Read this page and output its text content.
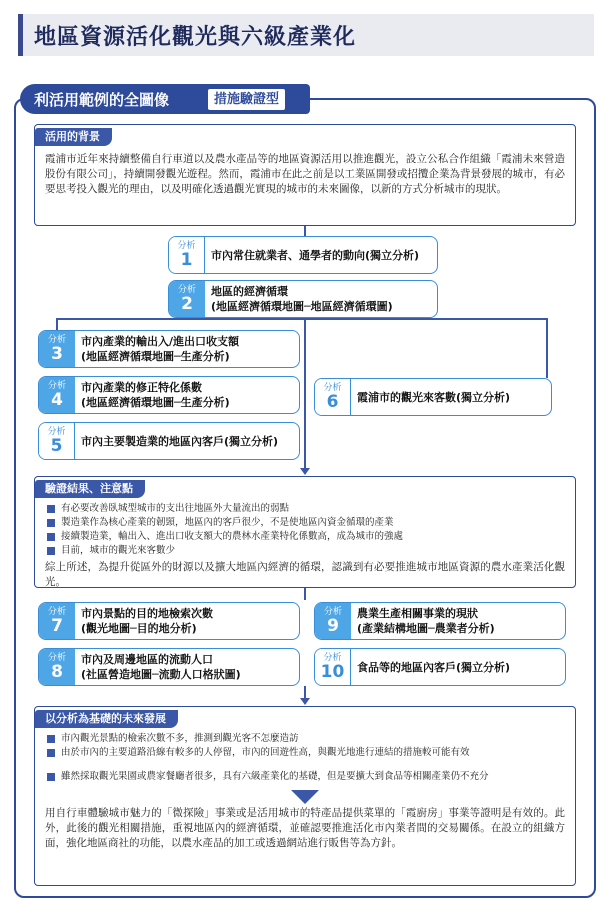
地區資源活化觀光與六級產業化
利活用範例的全圖像	措施驗證型
活用的背景
霞浦市近年來持續整備自行車道以及農水產品等的地區資源活用以推進觀光，設立公私合作組織「霞浦未來營造股份有限公司」，持續開發觀光遊程。然而，霞浦市在此之前是以工業區開發或招攬企業為背景發展的城市，有必要思考投入觀光的理由，以及明確化透過觀光實現的城市的未來圖像，以新的方式分析城市的現狀。
分析
1	市內常住就業者、通學者的動向(獨立分析)
分析
2
地區的經濟循環
(地區經濟循環地圖─地區經濟循環圖)
分析
3
市內產業的輸出入/進出口收支額
(地區經濟循環地圖─生產分析)
分析
4
市內產業的修正特化係數
(地區經濟循環地圖─生產分析)
分析
5	市內主要製造業的地區內客戶(獨立分析)
分析
6	霞浦市的觀光來客數(獨立分析)
驗證結果、注意點
有必要改善臥城型城市的支出往地區外大量流出的弱點
製造業作為核心產業的韌頸，地區內的客戶很少，不是使地區內資金循環的產業
接續製造業，輸出入、進出口收支額大的農林水產業特化係數高，成為城市的強處
目前，城市的觀光來客數少
綜上所述，為提升從區外的財源以及擴大地區內經濟的循環，認識到有必要推進城市地區資源的農水產業活化觀光。
分析
7
市內景點的目的地檢索次數
(觀光地圖─目的地分析)
分析
8
市內及周邊地區的流動人口
(社區營造地圖─流動人口格狀圖)
分析
9
農業生產相關事業的現狀
(產業結構地圖─農業者分析)
分析
10	食品等的地區內客戶(獨立分析)
以分析為基礎的未來發展
市內觀光景點的檢索次數不多，推測到觀光客不怎麼造訪
由於市內的主要道路沿線有較多的人停留，市內的回遊性高，與觀光地進行連結的措施較可能有效
雖然採取觀光果園或農家餐廳者很多，具有六級產業化的基礎，但是要擴大到食品等相關產業仍不充分
用自行車體驗城市魅力的「微探險」事業或是活用城市的特產品提供菜單的「霞廚房」事業等證明是有效的。此外，此後的觀光相關措施，重視地區內的經濟循環，並確認要推進活化市內業者間的交易關係。在設立的組織方面，強化地區商社的功能，以農水產品的加工或透過網站進行販售等為方針。
